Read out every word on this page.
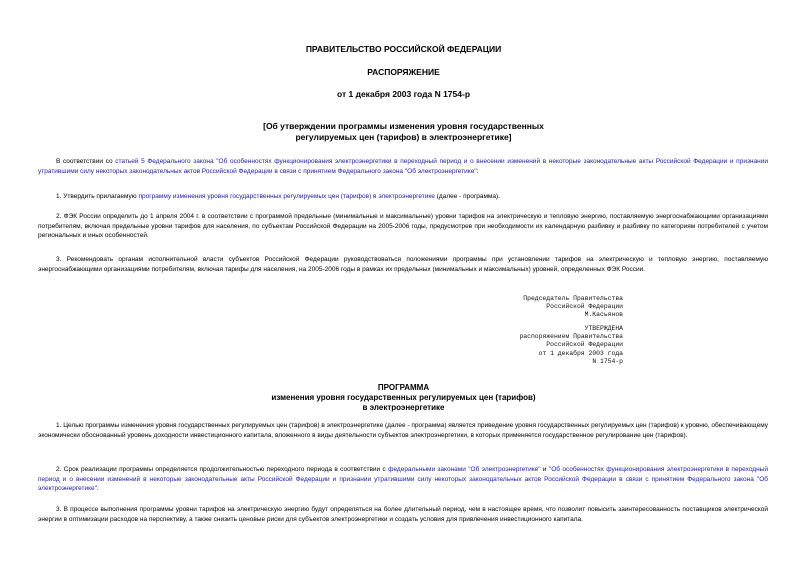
ПРАВИТЕЛЬСТВО РОССИЙСКОЙ ФЕДЕРАЦИИ
РАСПОРЯЖЕНИЕ
от 1 декабря 2003 года N 1754-р
[Об утверждении программы изменения уровня государственных
регулируемых цен (тарифов) в электроэнергетике]

В соответствии со статьей 5 Федерального закона "Об особенностях функционирования электроэнергетики в переходный период и о внесении изменений в некоторые законодательные акты Российской Федерации и признании утратившими силу некоторых законодательных актов Российской Федерации в связи с принятием Федерального закона "Об электроэнергетике":

1. Утвердить прилагаемую программу изменения уровня государственных регулируемых цен (тарифов) в электроэнергетике (далее - программа).

2. ФЭК России определить до 1 апреля 2004 г. в соответствии с программой предельные (минимальные и максимальные) уровни тарифов на электрическую и тепловую энергию, поставляемую энергоснабжающими организациями потребителям, включая предельные уровни тарифов для населения, по субъектам Российской Федерации на 2005-2006 годы, предусмотрев при необходимости их календарную разбивку и разбивку по категориям потребителей с учетом региональных и иных особенностей.

3. Рекомендовать органам исполнительной власти субъектов Российской Федерации руководствоваться положениями программы при установлении тарифов на электрическую и тепловую энергию, поставляемую энергоснабжающими организациями потребителям, включая тарифы для населения, на 2005-2006 годы в рамках их предельных (минимальных и максимальных) уровней, определенных ФЭК России.

Председатель Правительства
Российской Федерации
М.Касьянов
УТВЕРЖДЕНА
распоряжением Правительства
Российской Федерации
от 1 декабря 2003 года
N 1754-р
ПРОГРАММА
изменения уровня государственных регулируемых цен (тарифов)
в электроэнергетике

1. Целью программы изменения уровня государственных регулируемых цен (тарифов) в электроэнергетике (далее - программа) является приведение уровня государственных регулируемых цен (тарифов) к уровню, обеспечивающему экономически обоснованный уровень доходности инвестиционного капитала, вложенного в виды деятельности субъектов электроэнергетики, в которых применяется государственное регулирование цен (тарифов).

2. Срок реализации программы определяется продолжительностью переходного периода в соответствии с федеральными законами "Об электроэнергетике" и "Об особенностях функционирования электроэнергетики в переходный период и о внесении изменений в некоторые законодательные акты Российской Федерации и признании утратившими силу некоторых законодательных актов Российской Федерации в связи с принятием Федерального закона "Об электроэнергетике".

3. В процессе выполнения программы уровни тарифов на электрическую энергию будут определяться на более длительный период, чем в настоящее время, что позволит повысить заинтересованность поставщиков электрической энергии в оптимизации расходов на перспективу, а также снизить ценовые риски для субъектов электроэнергетики и создать условия для привлечения инвестиционного капитала.
